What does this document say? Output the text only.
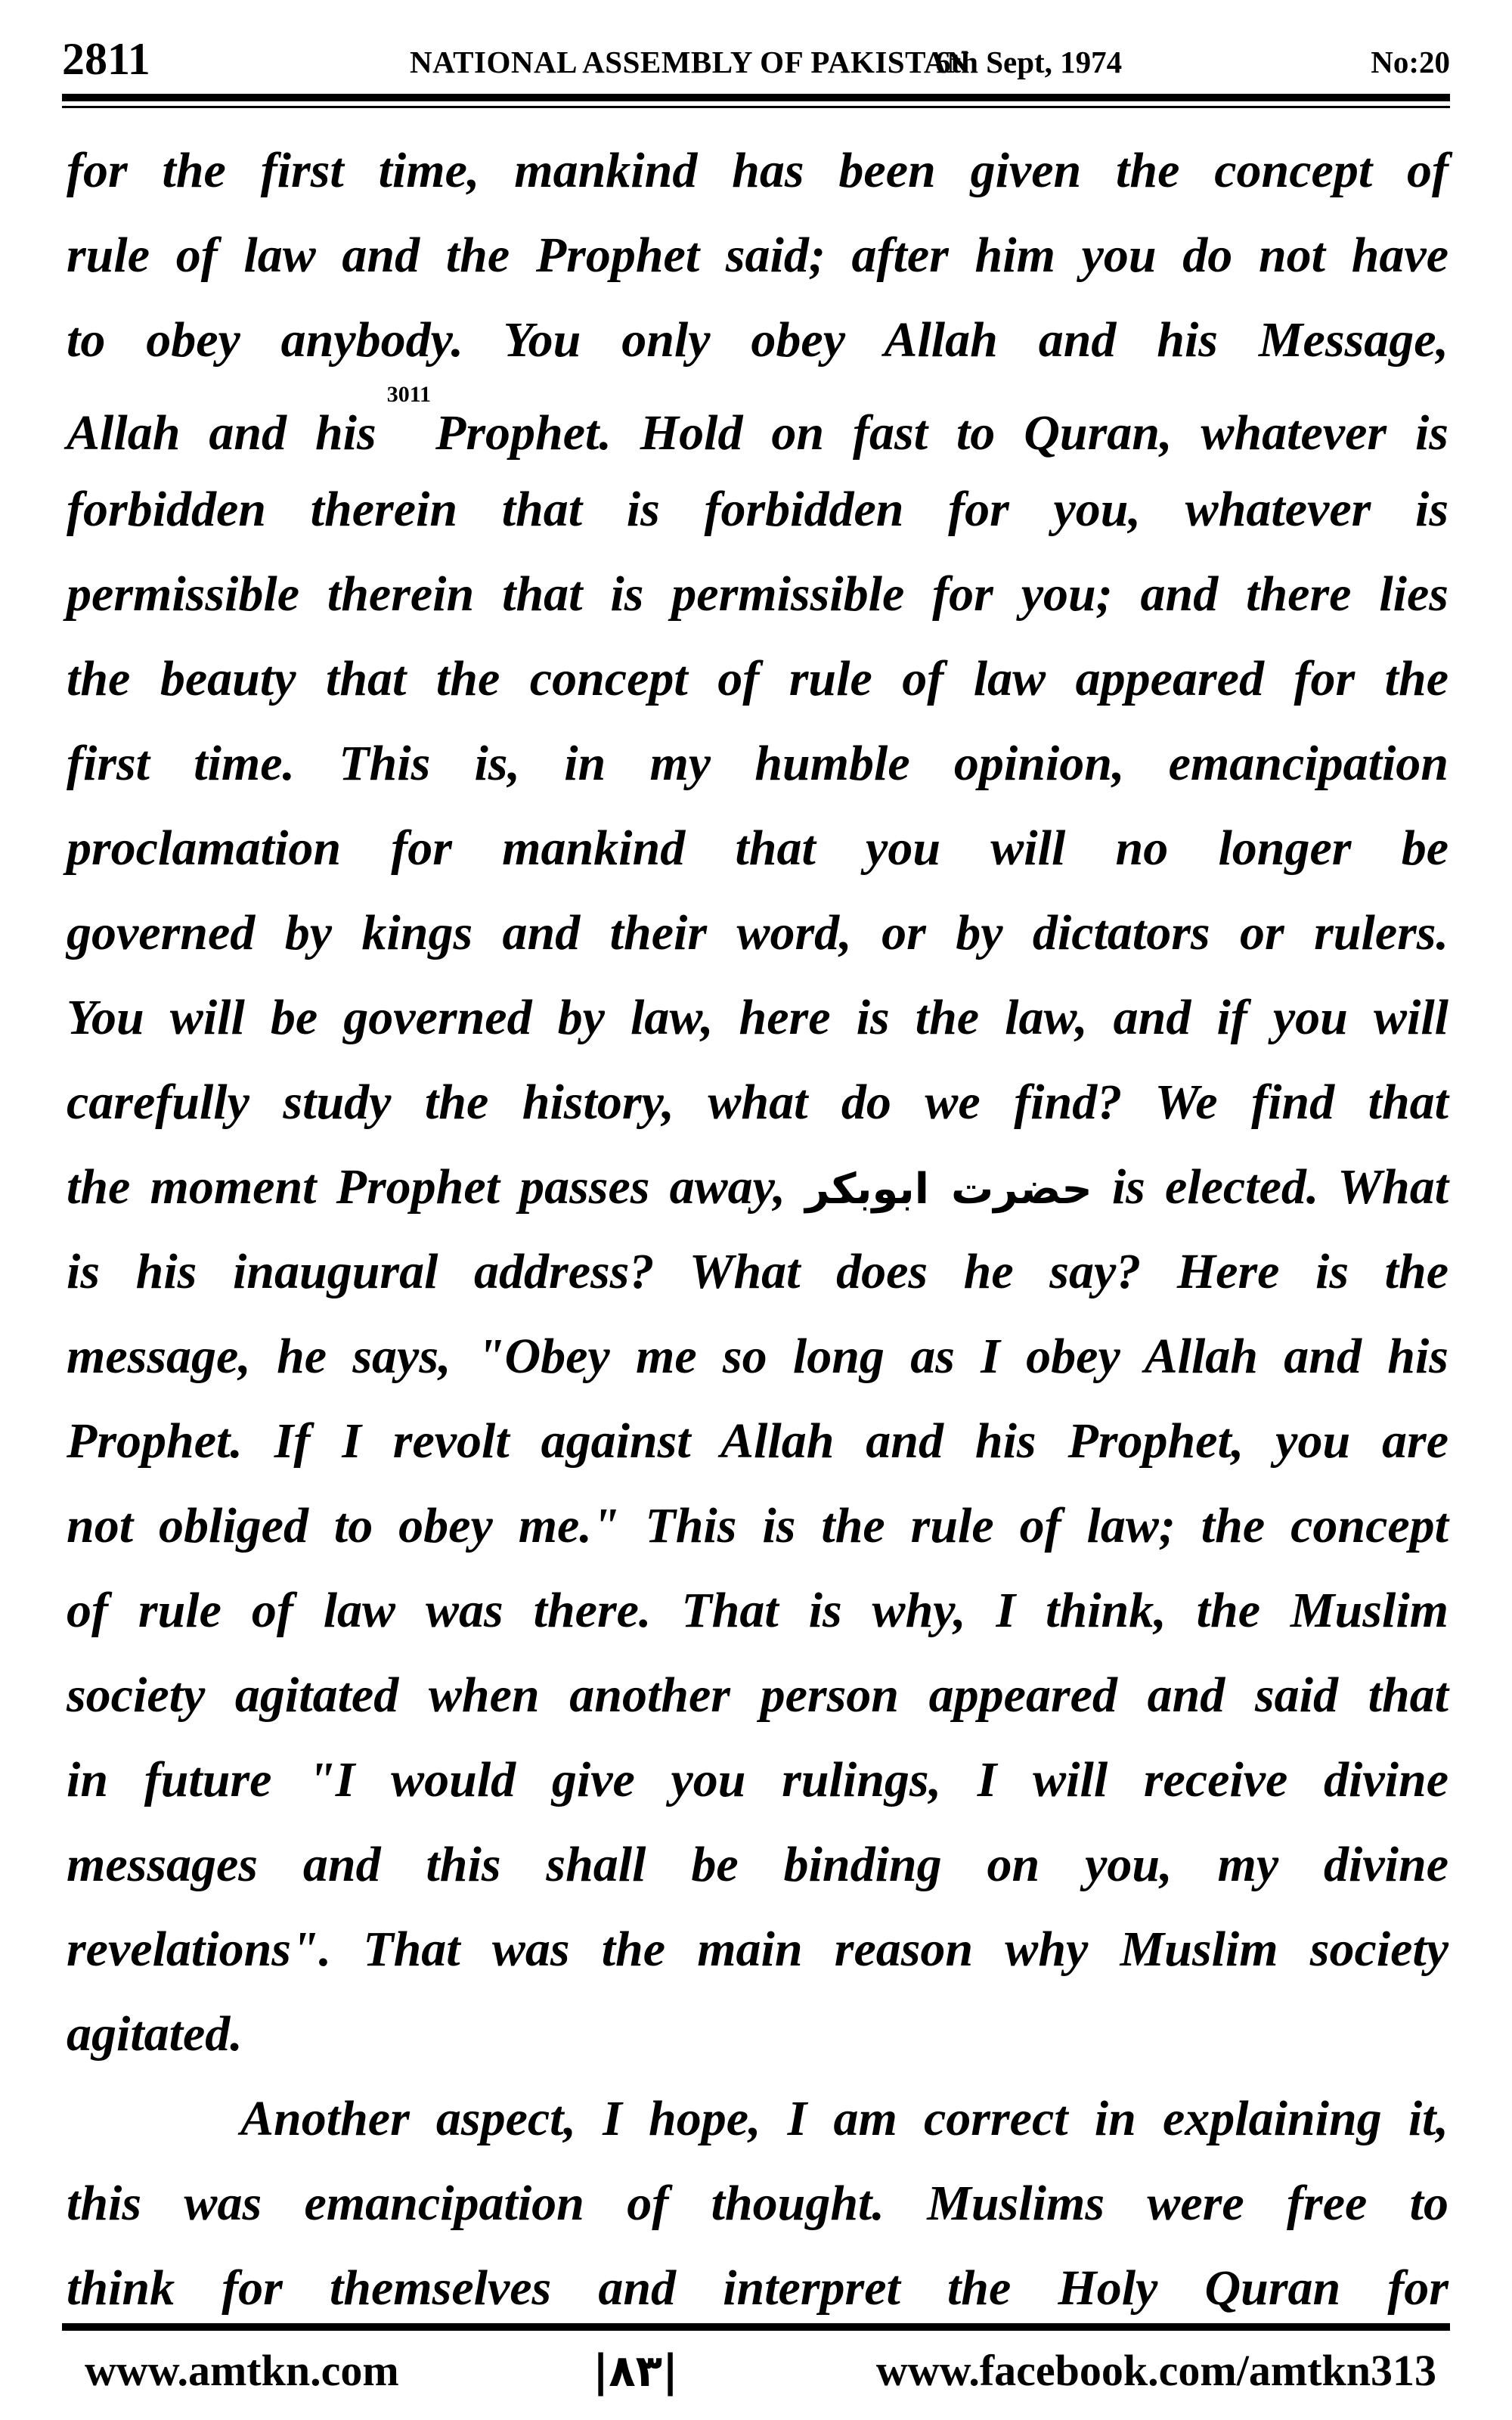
2811	NATIONAL ASSEMBLY OF PAKISTAN
6th Sept, 1974	No:20
for the first time, mankind has been given the concept of
rule of law and the Prophet said; after him you do not have
to obey anybody. You only obey Allah and his Message,
Allah and his$^{3011}$Prophet. Hold on fast to Quran, whatever is
forbidden therein that is forbidden for you, whatever is
permissible therein that is permissible for you; and there lies
the beauty that the concept of rule of law appeared for the
first time. This is, in my humble opinion, emancipation
proclamation for mankind that you will no longer be
governed by kings and their word, or by dictators or rulers.
You will be governed by law, here is the law, and if you will
carefully study the history, what do we find? We find that
the moment Prophet passes away, حضرت ابوبکر is elected. What
is his inaugural address? What does he say? Here is the
message, he says, "Obey me so long as I obey Allah and his
Prophet. If I revolt against Allah and his Prophet, you are
not obliged to obey me." This is the rule of law; the concept
of rule of law was there. That is why, I think, the Muslim
society agitated when another person appeared and said that
in future "I would give you rulings, I will receive divine
messages and this shall be binding on you, my divine
revelations". That was the main reason why Muslim society
agitated.
Another aspect, I hope, I am correct in explaining it,
this was emancipation of thought. Muslims were free to
think for themselves and interpret the Holy Quran for
www.amtkn.com	|٨٣|	www.facebook.com/amtkn313
